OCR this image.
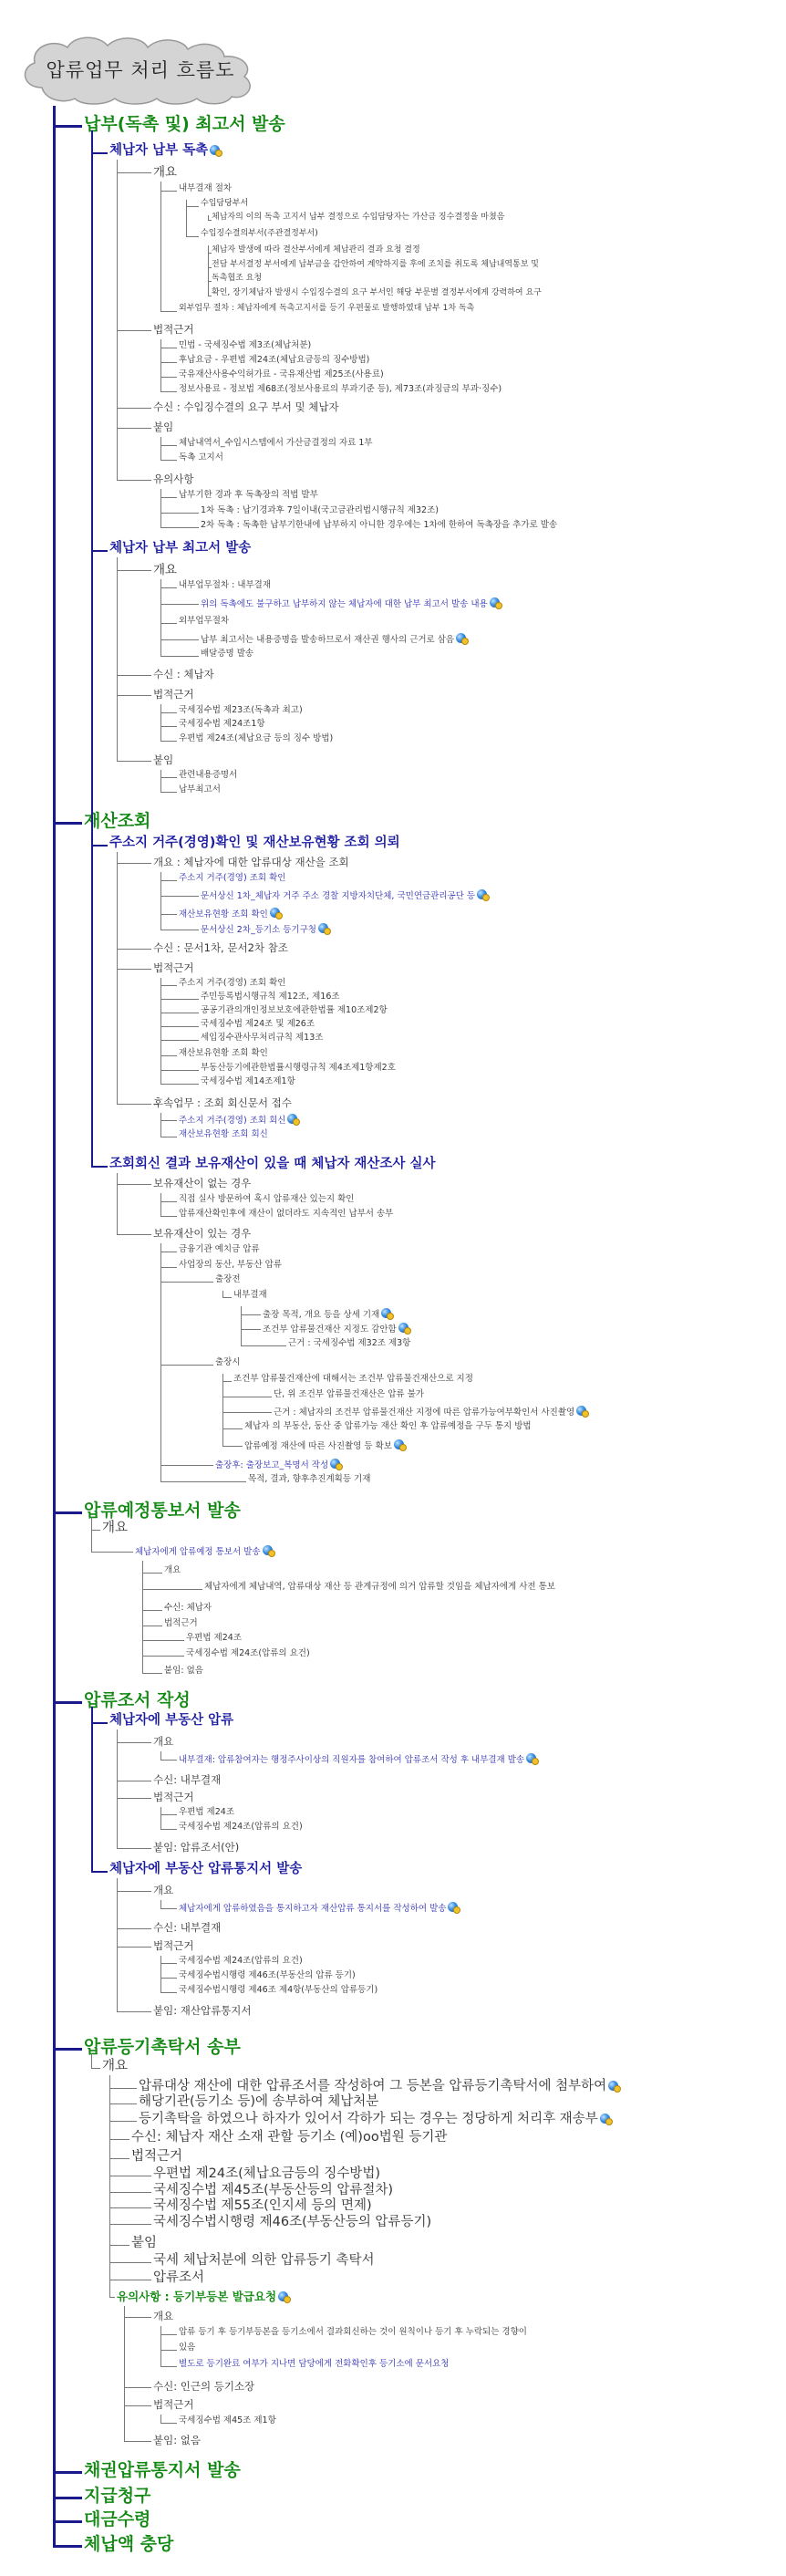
압류업무 처리 흐름도
납부(독촉 및) 최고서 발송
체납자 납부 독촉
개요
내부결재 절차
수입담당부서
체납자의 이의 독촉 고지서 납부 결정으로 수입담당자는 가산금 징수결정을 마쳤음
수입징수결의부서(주관결정부서)
체납자 발생에 따라 결산부서에게 체납관리 결과 요청 결정
전담 부서결정 부서에게 납부금을 감안하여 계약하지를 후에 조치를 취도록 체납내역통보 및
독촉협조 요청
확인, 장기체납자 발생시 수입징수결의 요구 부서인 해당 부문별 결정부서에게 강력하여 요구
외부업무 절차 : 체납자에게 독촉고지서를 등기 우편물로 발행하였대 납부 1차 독촉
법적근거
민법 - 국세징수법 제3조(체납처분)
후납요금 - 우편법 제24조(체납요금등의 징수방법)
국유재산사용수익허가료 - 국유재산법 제25조(사용료)
정보사용료 - 정보법 제68조(정보사용료의 부과기준 등), 제73조(과징금의 부과·징수)
수신 : 수입징수결의 요구 부서 및 체납자
붙임
체납내역서_수입시스템에서 가산금결정의 자료 1부
독촉 고지서
유의사항
납부기한 경과 후 독촉장의 적법 발부
1차 독촉 : 납기경과후 7일이내(국고금관리법시행규칙 제32조)
2차 독촉 : 독촉한 납부기한내에 납부하지 아니한 경우에는 1차에 한하여 독촉장을 추가로 발송
체납자 납부 최고서 발송
개요
내부업무절차 : 내부결재
위의 독촉에도 불구하고 납부하지 않는 체납자에 대한 납부 최고서 발송 내용
외부업무절차
납부 최고서는 내용증명을 발송하므로서 재산권 행사의 근거로 삼음
배달증명 발송
수신 : 체납자
법적근거
국세징수법 제23조(독촉과 최고)
국세징수법 제24조1항
우편법 제24조(체납요금 등의 징수 방법)
붙임
관련내용증명서
납부최고서
재산조회
주소지 거주(경영)확인 및 재산보유현황 조회 의뢰
개요 : 체납자에 대한 압류대상 재산을 조회
주소지 거주(경영) 조회 확인
문서상신 1차_체납자 거주 주소 경찰 지방자치단체, 국민연금관리공단 등
재산보유현황 조회 확인
문서상신 2차_등기소 등기구청
수신 : 문서1차, 문서2차 참조
법적근거
주소지 거주(경영) 조회 확인
주민등록법시행규칙 제12조, 제16조
공공기관의개인정보보호에관한법률 제10조제2항
국세징수법 제24조 및 제26조
세입징수관사무처리규칙 제13조
재산보유현황 조회 확인
부동산등기에관한법률시행령규칙 제4조제1항제2호
국세징수법 제14조제1항
후속업무 : 조회 회신문서 접수
주소지 거주(경영) 조회 회신
재산보유현황 조회 회신
조회회신 결과 보유재산이 있을 때 체납자 재산조사 실사
보유재산이 없는 경우
직접 실사 방문하여 혹시 압류재산 있는지 확인
압류재산확인후에 재산이 없더라도 지속적인 납부서 송부
보유재산이 있는 경우
금융기관 예치금 압류
사업장의 동산, 부동산 압류
출장전
내부결재
출장 목적, 개요 등을 상세 기재
조건부 압류물건재산 지정도 감안함
근거 : 국세징수법 제32조 제3항
출장시
조건부 압류물건재산에 대해서는 조건부 압류물건재산으로 지정
단, 위 조건부 압류물건재산은 압류 불가
근거 : 체납자의 조건부 압류물건재산 지정에 따른 압류가능여부확인서 사진촬영
체납자 의 부동산, 동산 중 압류가능 재산 확인 후 압류예정을 구두 통지 방법
압류예정 재산에 따른 사진촬영 등 확보
출장후: 출장보고_복명서 작성
목적, 결과, 향후추진계획등 기재
압류예정통보서 발송
개요
체납자에게 압류예정 통보서 발송
개요
체납자에게 체납내역, 압류대상 재산 등 관계규정에 의거 압류할 것임을 체납자에게 사전 통보
수신: 체납자
법적근거
우편법 제24조
국세징수법 제24조(압류의 요건)
붙임: 없음
압류조서 작성
체납자에 부동산 압류
개요
내부결재: 압류참여자는 행정주사이상의 직원자를 참여하여 압류조서 작성 후 내부결재 발송
수신: 내부결재
법적근거
우편법 제24조
국세징수법 제24조(압류의 요건)
붙임: 압류조서(안)
체납자에 부동산 압류통지서 발송
개요
체납자에게 압류하였음을 통지하고자 재산압류 통지서를 작성하여 발송
수신: 내부결재
법적근거
국세징수법 제24조(압류의 요건)
국세징수법시행령 제46조(부동산의 압류 등기)
국세징수법시행령 제46조 제4항(부동산의 압류등기)
붙임: 재산압류통지서
압류등기촉탁서 송부
개요
압류대상 재산에 대한 압류조서를 작성하여 그 등본을 압류등기촉탁서에 첨부하여
해당기관(등기소 등)에 송부하여 체납처분
등기촉탁을 하였으나 하자가 있어서 각하가 되는 경우는 정당하게 처리후 재송부
수신: 체납자 재산 소재 관할 등기소 (예)oo법원 등기관
법적근거
우편법 제24조(체납요금등의 징수방법)
국세징수법 제45조(부동산등의 압류절차)
국세징수법 제55조(인지세 등의 면제)
국세징수법시행령 제46조(부동산등의 압류등기)
붙임
국세 체납처분에 의한 압류등기 촉탁서
압류조서
유의사항 : 등기부등본 발급요청
개요
압류 등기 후 등기부등본을 등기소에서 결과회신하는 것이 원칙이나 등기 후 누락되는 경향이
있음
별도로 등기완료 여부가 지나면 담당에게 전화확인후 등기소에 문서요청
수신: 인근의 등기소장
법적근거
국세징수법 제45조 제1항
붙임: 없음
채권압류통지서 발송
지급청구
대금수령
체납액 충당
